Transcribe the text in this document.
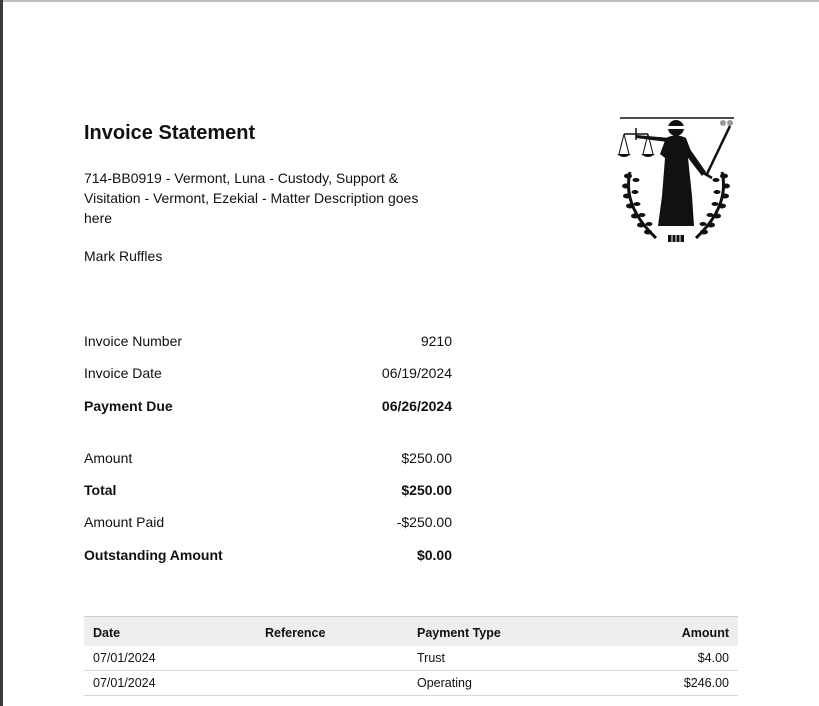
Invoice Statement
714-BB0919 - Vermont, Luna - Custody, Support & Visitation - Vermont, Ezekial - Matter Description goes here
Mark Ruffles
Invoice Number	9210
Invoice Date	06/19/2024
Payment Due	06/26/2024
Amount	$250.00
Total	$250.00
Amount Paid	-$250.00
Outstanding Amount	$0.00
Date	Reference	Payment Type	Amount
07/01/2024		Trust	$4.00
07/01/2024		Operating	$246.00
